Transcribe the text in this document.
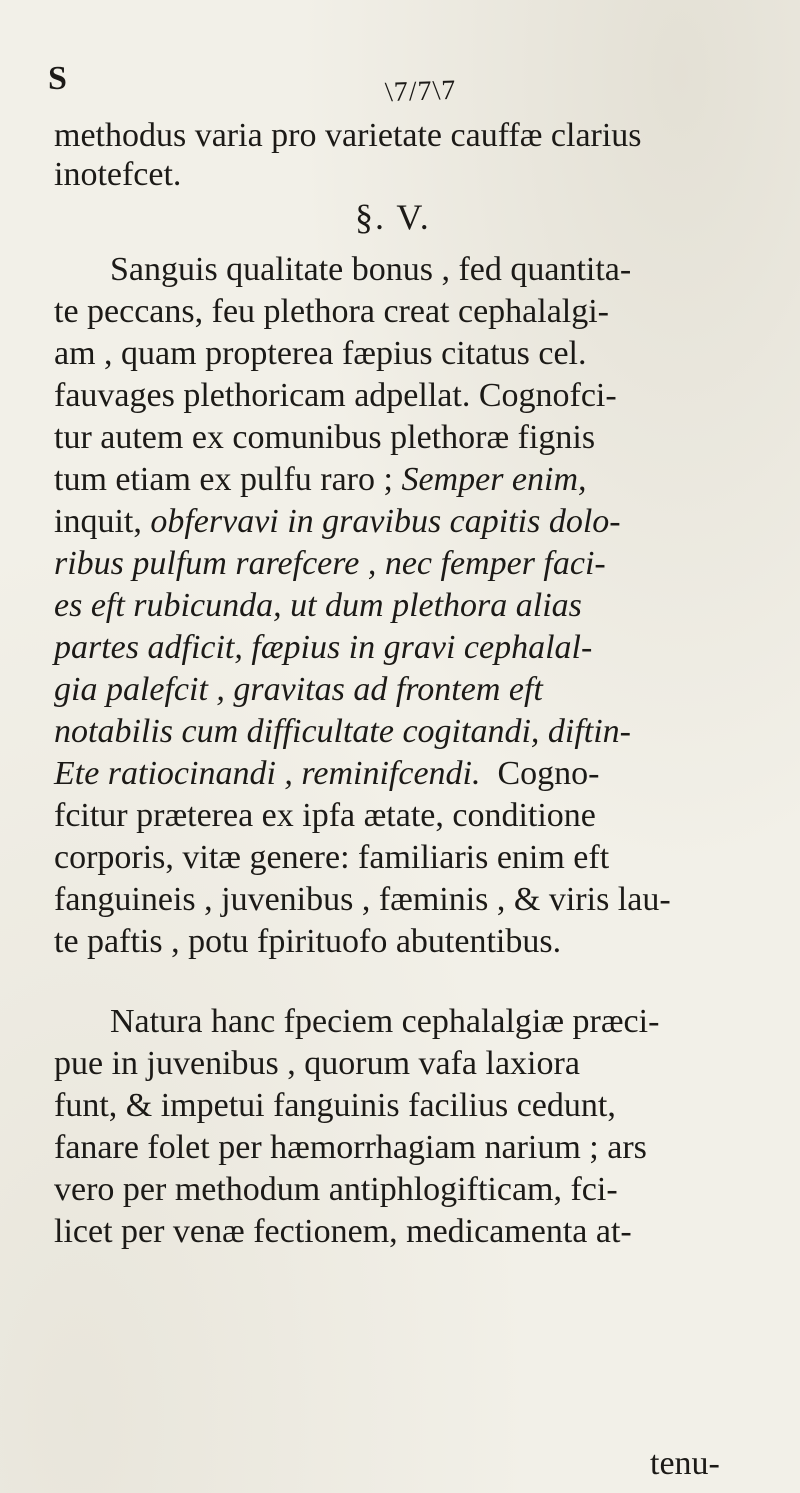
S	\7/7\7
methodus varia pro varietate cauffæ clarius
inotefcet.
§. V.
Sanguis qualitate bonus , fed quantita-
te peccans, feu plethora creat cephalalgi-
am , quam propterea fæpius citatus cel.
fauvages plethoricam adpellat. Cognofci-
tur autem ex comunibus plethoræ fignis
tum etiam ex pulfu raro ; Semper enim,
inquit, obfervavi in gravibus capitis dolo-
ribus pulfum rarefcere , nec femper faci-
es eft rubicunda, ut dum plethora alias
partes adficit, fæpius in gravi cephalal-
gia palefcit , gravitas ad frontem eft
notabilis cum difficultate cogitandi, diftin-
Ete ratiocinandi , reminifcendi. Cogno-
fcitur præterea ex ipfa ætate, conditione
corporis, vitæ genere: familiaris enim eft
fanguineis , juvenibus , fæminis , & viris lau-
te paftis , potu fpirituofo abutentibus.
Natura hanc fpeciem cephalalgiæ præci-
pue in juvenibus , quorum vafa laxiora
funt, & impetui fanguinis facilius cedunt,
fanare folet per hæmorrhagiam narium ; ars
vero per methodum antiphlogifticam, fci-
licet per venæ fectionem, medicamenta at-
tenu-
